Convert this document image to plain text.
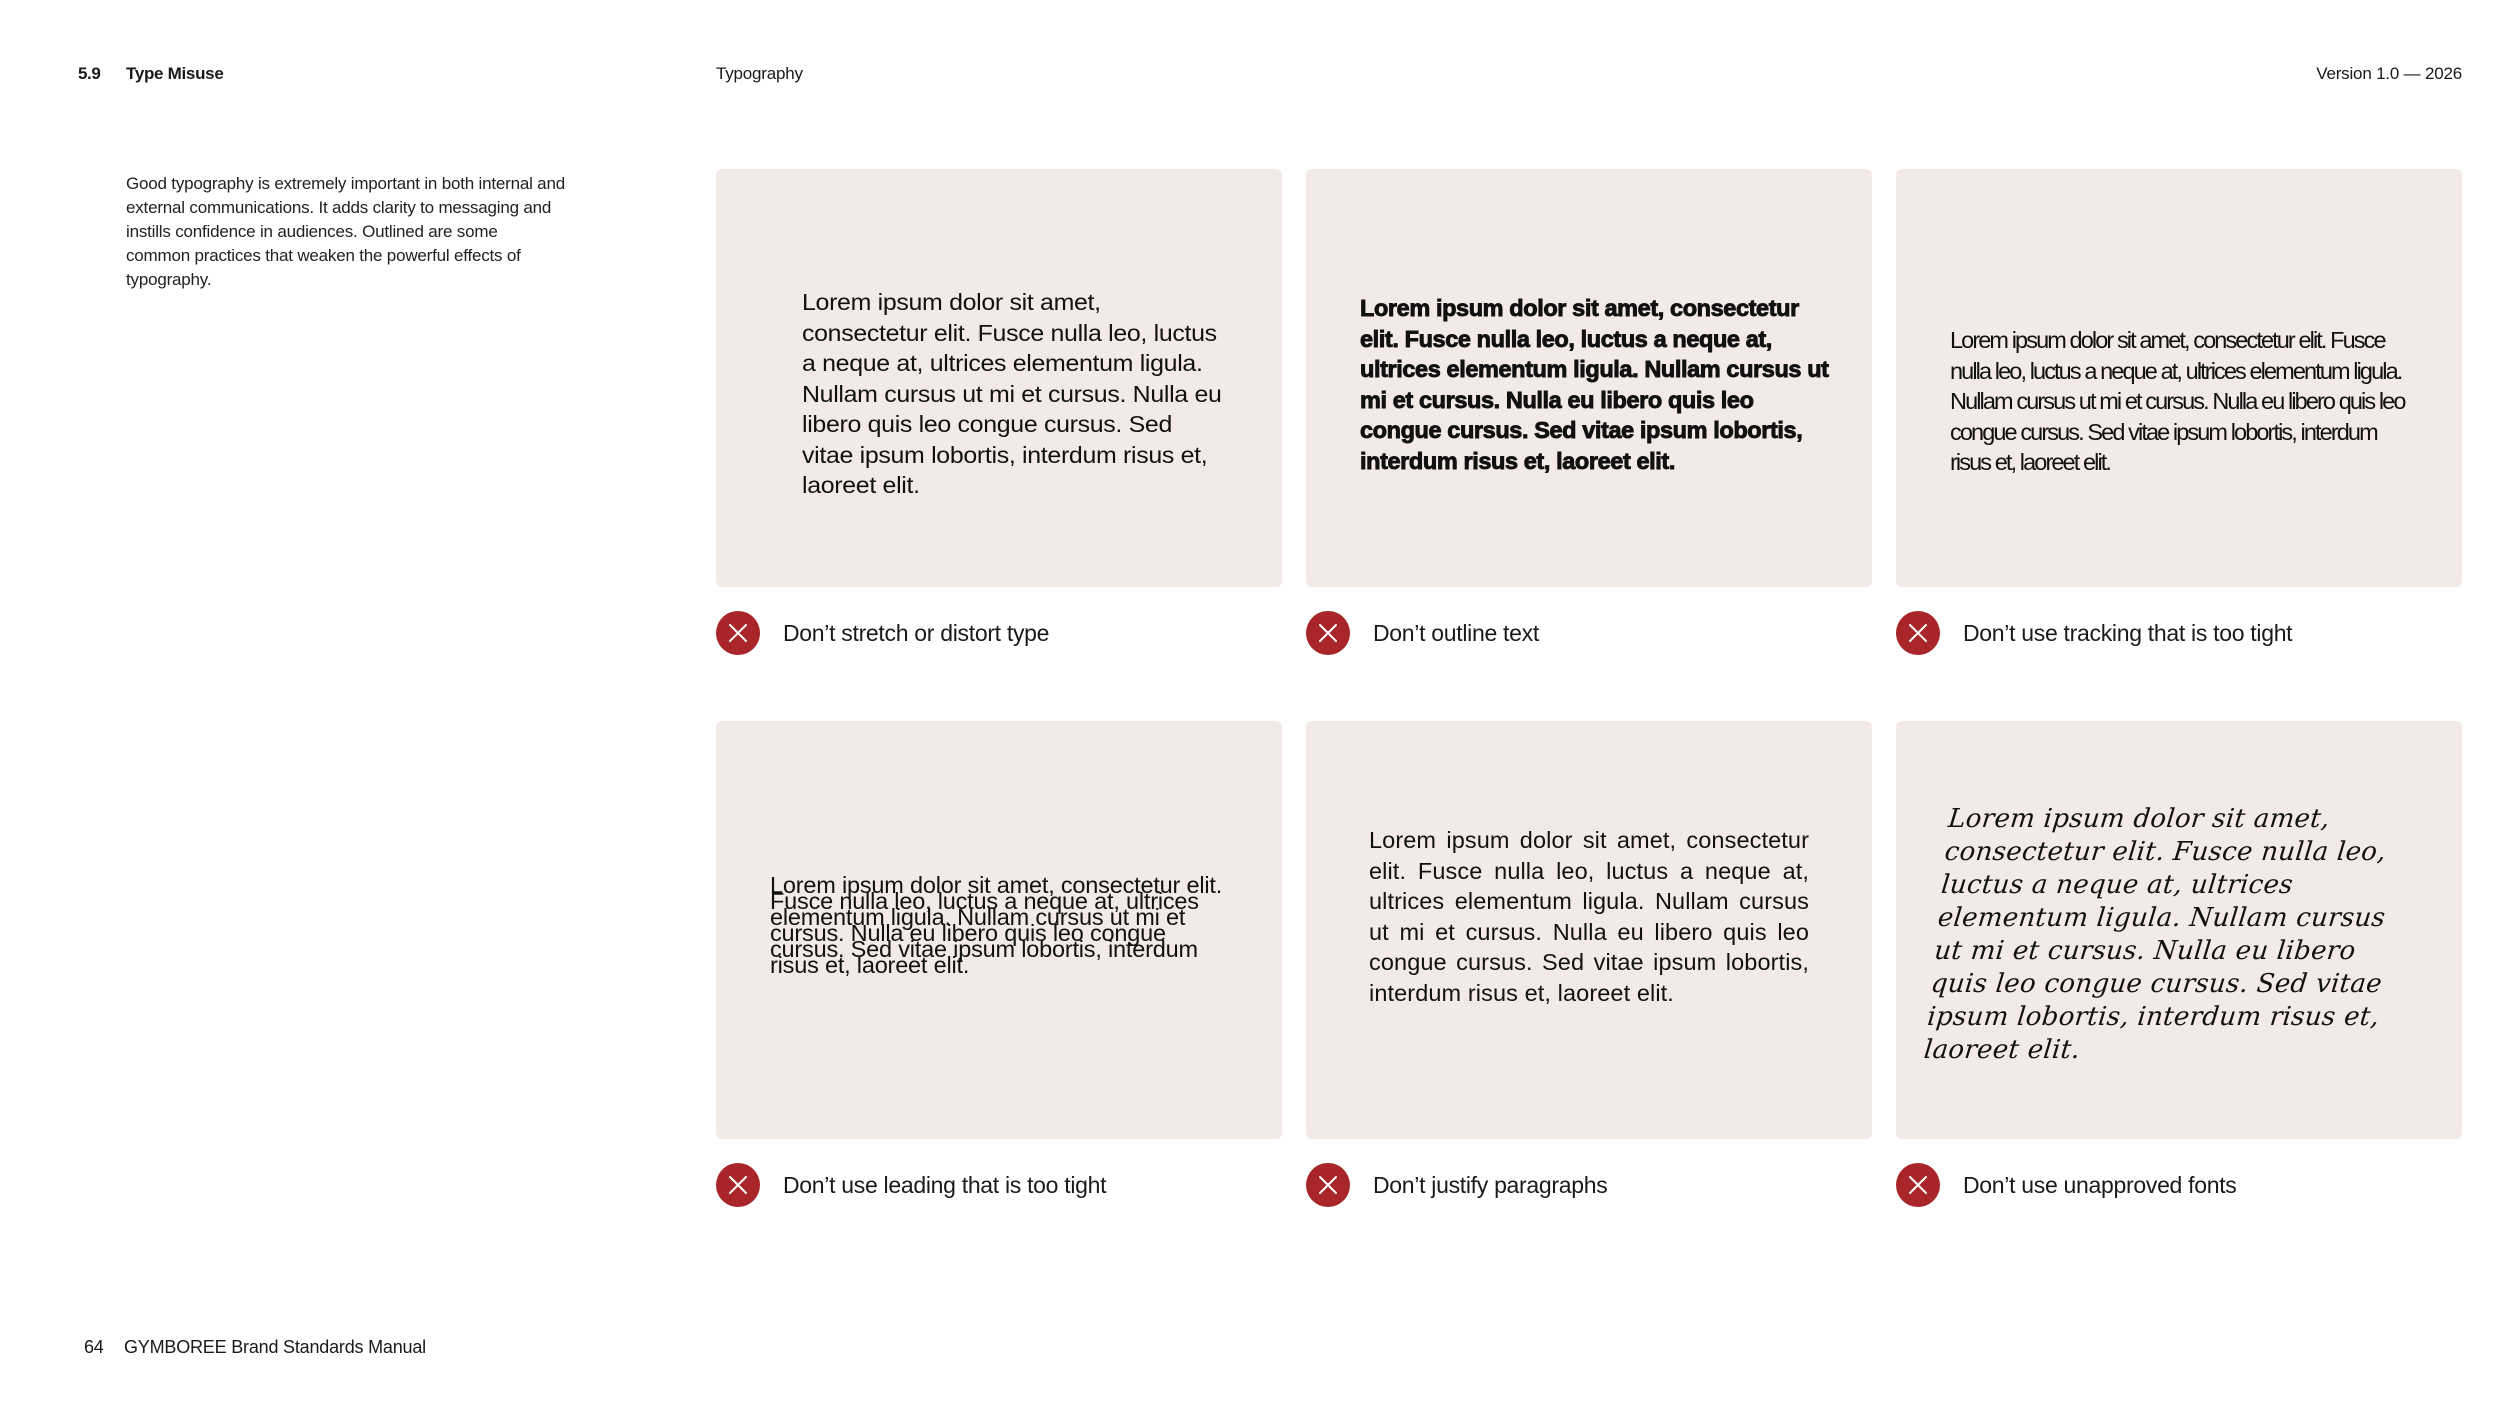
5.9 Type Misuse	Typography	Version 1.0 — 2026
Good typography is extremely important in both internal and external communications. It adds clarity to messaging and instills confidence in audiences. Outlined are some common practices that weaken the powerful effects of typography.
Lorem ipsum dolor sit amet, consectetur elit. Fusce nulla leo, luctus a neque at, ultrices elementum ligula. Nullam cursus ut mi et cursus. Nulla eu libero quis leo congue cursus. Sed vitae ipsum lobortis, interdum risus et, laoreet elit.
Don’t stretch or distort type
Lorem ipsum dolor sit amet, consectetur elit. Fusce nulla leo, luctus a neque at, ultrices elementum ligula. Nullam cursus ut mi et cursus. Nulla eu libero quis leo congue cursus. Sed vitae ipsum lobortis, interdum risus et, laoreet elit.
Don’t outline text
Lorem ipsum dolor sit amet, consectetur elit. Fusce nulla leo, luctus a neque at, ultrices elementum ligula. Nullam cursus ut mi et cursus. Nulla eu libero quis leo congue cursus. Sed vitae ipsum lobortis, interdum risus et, laoreet elit.
Don’t use tracking that is too tight
Lorem ipsum dolor sit amet, consectetur elit. Fusce nulla leo, luctus a neque at, ultrices elementum ligula. Nullam cursus ut mi et cursus. Nulla eu libero quis leo congue cursus. Sed vitae ipsum lobortis, interdum risus et, laoreet elit.
Don’t use leading that is too tight
Lorem ipsum dolor sit amet, consectetur elit. Fusce nulla leo, luctus a neque at, ultrices elementum ligula. Nullam cursus ut mi et cursus. Nulla eu libero quis leo congue cursus. Sed vitae ipsum lobortis, interdum risus et, laoreet elit.
Don’t justify paragraphs
Lorem ipsum dolor sit amet, consectetur elit. Fusce nulla leo, luctus a neque at, ultrices elementum ligula. Nullam cursus ut mi et cursus. Nulla eu libero quis leo congue cursus. Sed vitae ipsum lobortis, interdum risus et, laoreet elit.
Don’t use unapproved fonts
64 GYMBOREE Brand Standards Manual
